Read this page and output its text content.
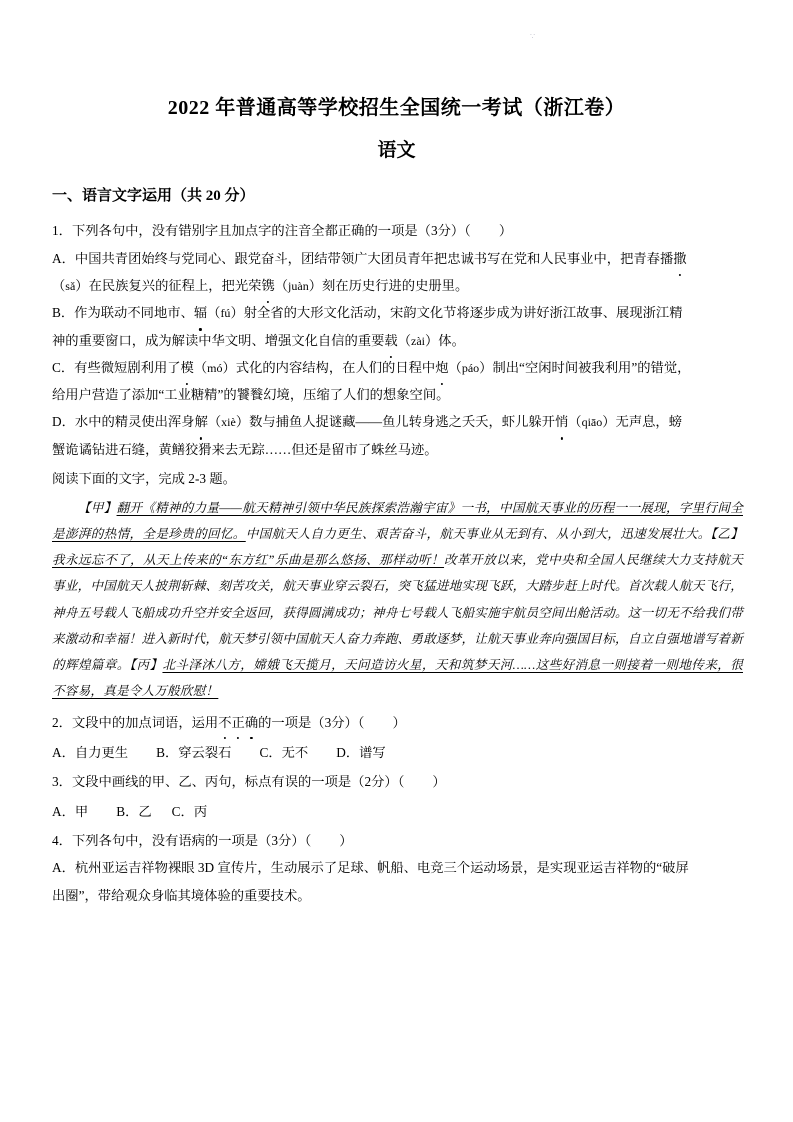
∵
2022 年普通高等学校招生全国统一考试（浙江卷）
语文
一、语言文字运用（共 20 分）
1．下列各句中，没有错别字且加点字的注音全都正确的一项是（3分）（ ）
A．中国共青团始终与党同心、跟党奋斗，团结带领广大团员青年把忠诚书写在党和人民事业中，把青春播撒
（sǎ）在民族复兴的征程上，把光荣镌（juàn）刻在历史行进的史册里。
B．作为联动不同地市、辐（fú）射全省的大形文化活动，宋韵文化节将逐步成为讲好浙江故事、展现浙江精
神的重要窗口，成为解读中华文明、增强文化自信的重要载（zài）体。
C．有些微短剧利用了模（mó）式化的内容结构，在人们的日程中炮（páo）制出“空闲时间被我利用”的错觉，
给用户营造了添加“工业糖精”的饕餮幻境，压缩了人们的想象空间。
D．水中的精灵使出浑身解（xiè）数与捕鱼人捉谜藏——鱼儿转身逃之夭夭，虾儿躲开悄（qiāo）无声息，螃
蟹诡谲钻进石缝，黄鳝狡猾来去无踪……但还是留市了蛛丝马迹。
阅读下面的文字，完成 2-3 题。
【甲】翻开《精神的力量——航天精神引领中华民族探索浩瀚宇宙》一书，中国航天事业的历程一一展现，字里行间全是澎湃的热情，全是珍贵的回忆。中国航天人自力更生、艰苦奋斗，航天事业从无到有、从小到大，迅速发展壮大。【乙】我永远忘不了，从天上传来的“东方红”乐曲是那么悠扬、那样动听！改革开放以来，党中央和全国人民继续大力支持航天事业，中国航天人披荆斩棘、刻苦攻关，航天事业穿云裂石，突飞猛进地实现飞跃，大踏步赶上时代。首次载人航天飞行，神舟五号载人飞船成功升空并安全返回，获得圆满成功；神舟七号载人飞船实施宇航员空间出舱活动。这一切无不给我们带来激动和幸福！进入新时代，航天梦引领中国航天人奋力奔跑、勇敢逐梦，让航天事业奔向强国目标，自立自强地谱写着新的辉煌篇章。【丙】北斗泽沐八方，嫦娥飞天揽月，天问造访火星，天和筑梦天河……这些好消息一则接着一则地传来，很不容易，真是令人万般欣慰！
2．文段中的加点词语，运用不正确的一项是（3分）（ ）
A．自力更生 B．穿云裂石 C．无不 D．谱写
3．文段中画线的甲、乙、丙句，标点有误的一项是（2分）（ ）
A．甲 B．乙 C．丙
4．下列各句中，没有语病的一项是（3分）（ ）
A．杭州亚运吉祥物裸眼 3D 宣传片，生动展示了足球、帆船、电竞三个运动场景，是实现亚运吉祥物的“破屏
出圈”，带给观众身临其境体验的重要技术。
